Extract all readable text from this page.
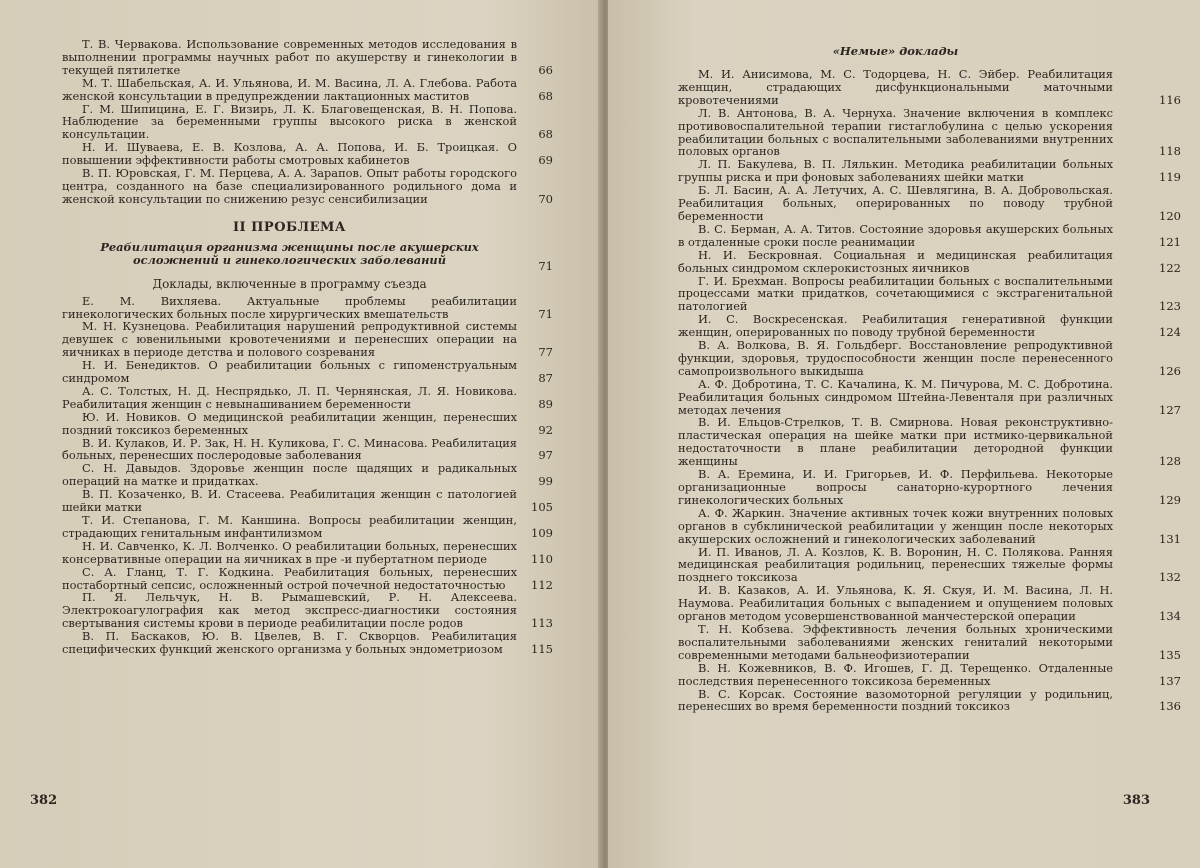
Т. В. Червакова. Использование современных методов исследования в выполнении программы научных работ по акушерству и гинекологии в текущей пятилетке	66
М. Т. Шабельская, А. И. Ульянова, И. М. Васина, Л. А. Глебова. Работа женской консультации в предупреждении лактационных маститов	68
Г. М. Шипицина, Е. Г. Визирь, Л. К. Благовещенская, В. Н. Попова. Наблюдение за беременными группы высокого риска в женской консультации.	68
Н. И. Шуваева, Е. В. Козлова, А. А. Попова, И. Б. Троицкая. О повышении эффективности работы смотровых кабинетов	69
В. П. Юровская, Г. М. Перцева, А. А. Зарапов. Опыт работы городского центра, созданного на базе специализированного родильного дома и женской консультации по снижению резус сенсибилизации	70
II ПРОБЛЕМА
Реабилитация организма женщины после акушерских осложнений и гинекологических заболеваний	71
Доклады, включенные в программу съезда
Е. М. Вихляева. Актуальные проблемы реабилитации гинекологических больных после хирургических вмешательств	71
М. Н. Кузнецова. Реабилитация нарушений репродуктивной системы девушек с ювенильными кровотечениями и перенесших операции на яичниках в периоде детства и полового созревания	77
Н. И. Бенедиктов. О реабилитации больных с гипоменструальным синдромом	87
А. С. Толстых, Н. Д. Неспрядько, Л. П. Чернянская, Л. Я. Новикова. Реабилитация женщин с невынашиванием беременности	89
Ю. И. Новиков. О медицинской реабилитации женщин, перенесших поздний токсикоз беременных	92
В. И. Кулаков, И. Р. Зак, Н. Н. Куликова, Г. С. Минасова. Реабилитация больных, перенесших послеродовые заболевания	97
С. Н. Давыдов. Здоровье женщин после щадящих и радикальных операций на матке и придатках.	99
В. П. Козаченко, В. И. Стасеева. Реабилитация женщин с патологией шейки матки	105
Т. И. Степанова, Г. М. Каншина. Вопросы реабилитации женщин, страдающих генитальным инфантилизмом	109
Н. И. Савченко, К. Л. Волченко. О реабилитации больных, перенесших консервативные операции на яичниках в пре -и пубертатном периоде	110
С. А. Гланц, Т. Г. Кодкина. Реабилитация больных, перенесших постабортный сепсис, осложненный острой почечной недостаточностью	112
П. Я. Лельчук, Н. В. Рымашевский, Р. Н. Алексеева. Электрокоагулография как метод экспресс-диагностики состояния свертывания системы крови в периоде реабилитации после родов	113
В. П. Баскаков, Ю. В. Цвелев, В. Г. Скворцов. Реабилитация специфических функций женского организма у больных эндометриозом	115
382
«Немые» доклады
М. И. Анисимова, М. С. Тодорцева, Н. С. Эйбер. Реабилитация женщин, страдающих дисфункциональными маточными кровотечениями	116
Л. В. Антонова, В. А. Чернуха. Значение включения в комплекс противовоспалительной терапии гистаглобулина с целью ускорения реабилитации больных с воспалительными заболеваниями внутренних половых органов	118
Л. П. Бакулева, В. П. Лялькин. Методика реабилитации больных группы риска и при фоновых заболеваниях шейки матки	119
Б. Л. Басин, А. А. Летучих, А. С. Шевлягина, В. А. Добровольская. Реабилитация больных, оперированных по поводу трубной беременности	120
В. С. Берман, А. А. Титов. Состояние здоровья акушерских больных в отдаленные сроки после реанимации	121
Н. И. Бескровная. Социальная и медицинская реабилитация больных синдромом склерокистозных яичников	122
Г. И. Брехман. Вопросы реабилитации больных с воспалительными процессами матки придатков, сочетающимися с экстрагенитальной патологией	123
И. С. Воскресенская. Реабилитация генеративной функции женщин, оперированных по поводу трубной беременности	124
В. А. Волкова, В. Я. Гольдберг. Восстановление репродуктивной функции, здоровья, трудоспособности женщин после перенесенного самопроизвольного выкидыша	126
А. Ф. Добротина, Т. С. Качалина, К. М. Пичурова, М. С. Добротина. Реабилитация больных синдромом Штейна-Левенталя при различных методах лечения	127
В. И. Ельцов-Стрелков, Т. В. Смирнова. Новая реконструктивно-пластическая операция на шейке матки при истмико-цервикальной недостаточности в плане реабилитации детородной функции женщины	128
В. А. Еремина, И. И. Григорьев, И. Ф. Перфильева. Некоторые организационные вопросы санаторно-курортного лечения гинекологических больных	129
А. Ф. Жаркин. Значение активных точек кожи внутренних половых органов в субклинической реабилитации у женщин после некоторых акушерских осложнений и гинекологических заболеваний	131
И. П. Иванов, Л. А. Козлов, К. В. Воронин, Н. С. Полякова. Ранняя медицинская реабилитация родильниц, перенесших тяжелые формы позднего токсикоза	132
И. В. Казаков, А. И. Ульянова, К. Я. Скуя, И. М. Васина, Л. Н. Наумова. Реабилитация больных с выпадением и опущением половых органов методом усовершенствованной манчестерской операции	134
Т. Н. Кобзева. Эффективность лечения больных хроническими воспалительными заболеваниями женских гениталий некоторыми современными методами бальнеофизиотерапии	135
В. Н. Кожевников, В. Ф. Игошев, Г. Д. Терещенко. Отдаленные последствия перенесенного токсикоза беременных	137
В. С. Корсак. Состояние вазомоторной регуляции у родильниц, перенесших во время беременности поздний токсикоз	136
383
